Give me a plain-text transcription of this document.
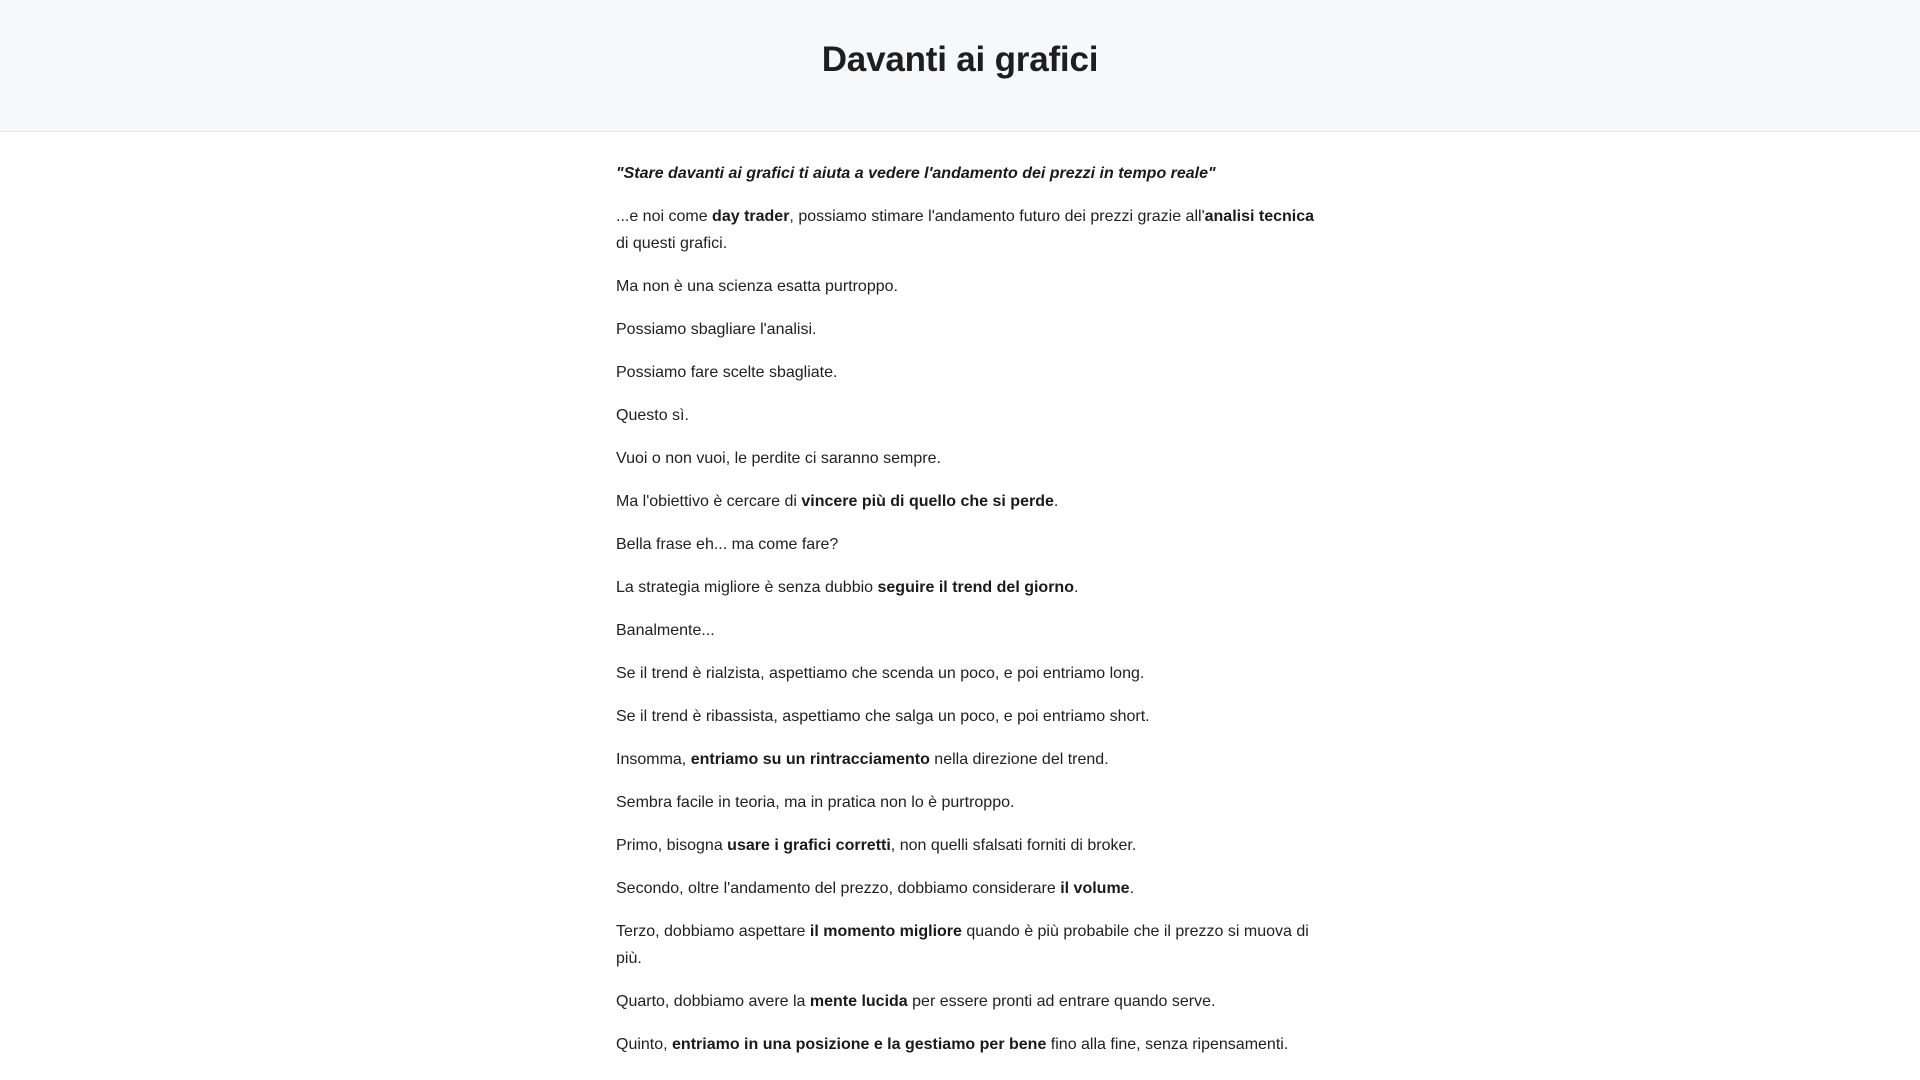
Davanti ai grafici

"Stare davanti ai grafici ti aiuta a vedere l'andamento dei prezzi in tempo reale"

...e noi come day trader, possiamo stimare l'andamento futuro dei prezzi grazie all'analisi tecnica di questi grafici.

Ma non è una scienza esatta purtroppo.

Possiamo sbagliare l'analisi.

Possiamo fare scelte sbagliate.

Questo sì.

Vuoi o non vuoi, le perdite ci saranno sempre.

Ma l'obiettivo è cercare di vincere più di quello che si perde.

Bella frase eh... ma come fare?

La strategia migliore è senza dubbio seguire il trend del giorno.

Banalmente...

Se il trend è rialzista, aspettiamo che scenda un poco, e poi entriamo long.

Se il trend è ribassista, aspettiamo che salga un poco, e poi entriamo short.

Insomma, entriamo su un rintracciamento nella direzione del trend.

Sembra facile in teoria, ma in pratica non lo è purtroppo.

Primo, bisogna usare i grafici corretti, non quelli sfalsati forniti di broker.

Secondo, oltre l'andamento del prezzo, dobbiamo considerare il volume.

Terzo, dobbiamo aspettare il momento migliore quando è più probabile che il prezzo si muova di più.

Quarto, dobbiamo avere la mente lucida per essere pronti ad entrare quando serve.

Quinto, entriamo in una posizione e la gestiamo per bene fino alla fine, senza ripensamenti.
